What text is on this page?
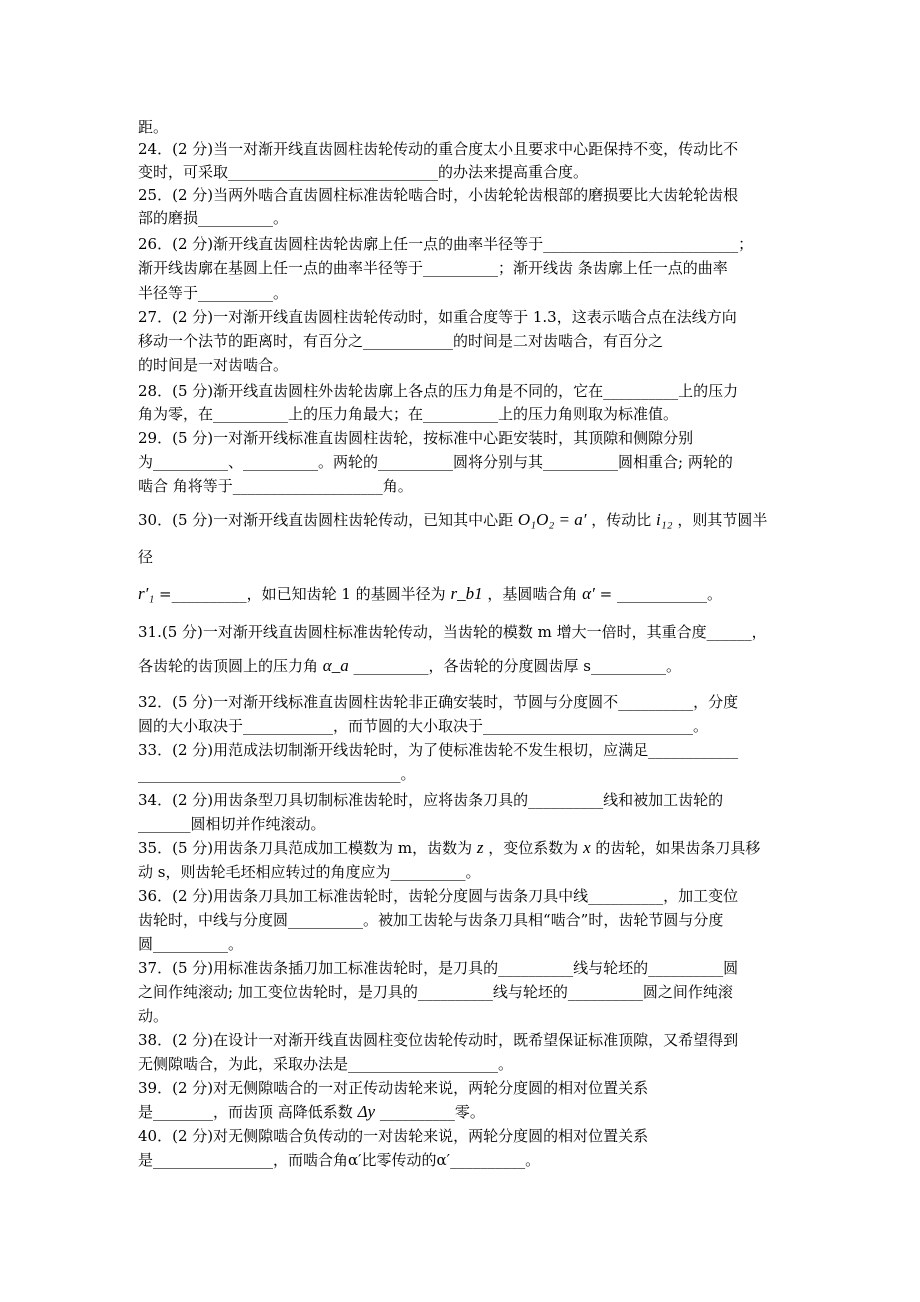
距。
24．(2 分)当一对渐开线直齿圆柱齿轮传动的重合度太小且要求中心距保持不变，传动比不
变时，可采取____________________________的办法来提高重合度。
25．(2 分)当两外啮合直齿圆柱标准齿轮啮合时，小齿轮轮齿根部的磨损要比大齿轮轮齿根
部的磨损__________。
26．(2 分)渐开线直齿圆柱齿轮齿廓上任一点的曲率半径等于__________________________；
渐开线齿廓在基圆上任一点的曲率半径等于__________；渐开线齿 条齿廓上任一点的曲率
半径等于__________。
27．(2 分)一对渐开线直齿圆柱齿轮传动时，如重合度等于 1.3，这表示啮合点在法线方向
移动一个法节的距离时，有百分之____________的时间是二对齿啮合，有百分之
的时间是一对齿啮合。
28．(5 分)渐开线直齿圆柱外齿轮齿廓上各点的压力角是不同的，它在__________上的压力
角为零，在__________上的压力角最大；在__________上的压力角则取为标准值。
29．(5 分)一对渐开线标准直齿圆柱齿轮，按标准中心距安装时，其顶隙和侧隙分别
为__________、__________。两轮的__________圆将分别与其__________圆相重合; 两轮的
啮合 角将等于____________________角。
30．(5 分)一对渐开线直齿圆柱齿轮传动，已知其中心距 O₁O₂ = a′ ，传动比 i₁₂ ，则其节圆半
径
r′₁ =__________，如已知齿轮 1 的基圆半径为 r_b1 ，基圆啮合角 α′ = ____________。
31.(5 分)一对渐开线直齿圆柱标准齿轮传动，当齿轮的模数 m 增大一倍时，其重合度______，
各齿轮的齿顶圆上的压力角 α_a __________，各齿轮的分度圆齿厚 s__________。
32．(5 分)一对渐开线标准直齿圆柱齿轮非正确安装时，节圆与分度圆不__________，分度
圆的大小取决于____________，而节圆的大小取决于____________________________。
33．(2 分)用范成法切制渐开线齿轮时，为了使标准齿轮不发生根切，应满足____________
___________________________________。
34．(2 分)用齿条型刀具切制标准齿轮时，应将齿条刀具的__________线和被加工齿轮的
_______圆相切并作纯滚动。
35．(5 分)用齿条刀具范成加工模数为 m，齿数为 z ，变位系数为 x 的齿轮，如果齿条刀具移
动 s，则齿轮毛坯相应转过的角度应为__________。
36．(2 分)用齿条刀具加工标准齿轮时，齿轮分度圆与齿条刀具中线__________，加工变位
齿轮时，中线与分度圆__________。被加工齿轮与齿条刀具相“啮合”时，齿轮节圆与分度
圆__________。
37．(5 分)用标准齿条插刀加工标准齿轮时，是刀具的__________线与轮坯的__________圆
之间作纯滚动; 加工变位齿轮时，是刀具的__________线与轮坯的__________圆之间作纯滚
动。
38．(2 分)在设计一对渐开线直齿圆柱变位齿轮传动时，既希望保证标准顶隙，又希望得到
无侧隙啮合，为此，采取办法是____________________。
39．(2 分)对无侧隙啮合的一对正传动齿轮来说，两轮分度圆的相对位置关系
是________，而齿顶 高降低系数 Δy __________零。
40．(2 分)对无侧隙啮合负传动的一对齿轮来说，两轮分度圆的相对位置关系
是________________，而啮合角α′比零传动的α′__________。
